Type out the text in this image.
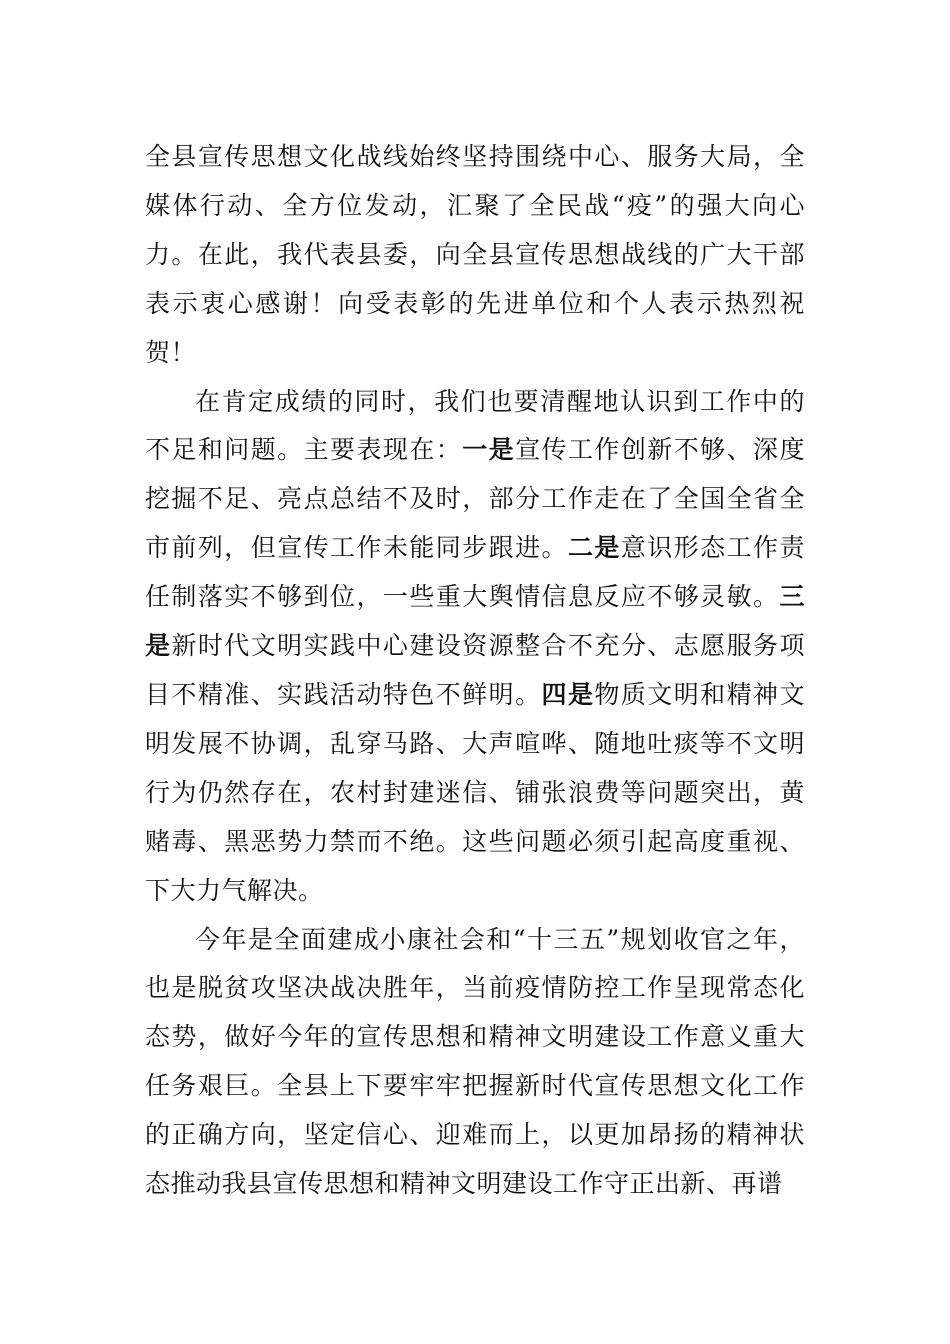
全县宣传思想文化战线始终坚持围绕中心、服务大局，全媒体行动、全方位发动，汇聚了全民战“疫”的强大向心力。在此，我代表县委，向全县宣传思想战线的广大干部表示衷心感谢！向受表彰的先进单位和个人表示热烈祝贺！

在肯定成绩的同时，我们也要清醒地认识到工作中的不足和问题。主要表现在：一是宣传工作创新不够、深度挖掘不足、亮点总结不及时，部分工作走在了全国全省全市前列，但宣传工作未能同步跟进。二是意识形态工作责任制落实不够到位，一些重大舆情信息反应不够灵敏。三是新时代文明实践中心建设资源整合不充分、志愿服务项目不精准、实践活动特色不鲜明。四是物质文明和精神文明发展不协调，乱穿马路、大声喧哗、随地吐痰等不文明行为仍然存在，农村封建迷信、铺张浪费等问题突出，黄赌毒、黑恶势力禁而不绝。这些问题必须引起高度重视、下大力气解决。

今年是全面建成小康社会和“十三五”规划收官之年，也是脱贫攻坚决战决胜年，当前疫情防控工作呈现常态化态势，做好今年的宣传思想和精神文明建设工作意义重大任务艰巨。全县上下要牢牢把握新时代宣传思想文化工作的正确方向，坚定信心、迎难而上，以更加昂扬的精神状态推动我县宣传思想和精神文明建设工作守正出新、再谱
